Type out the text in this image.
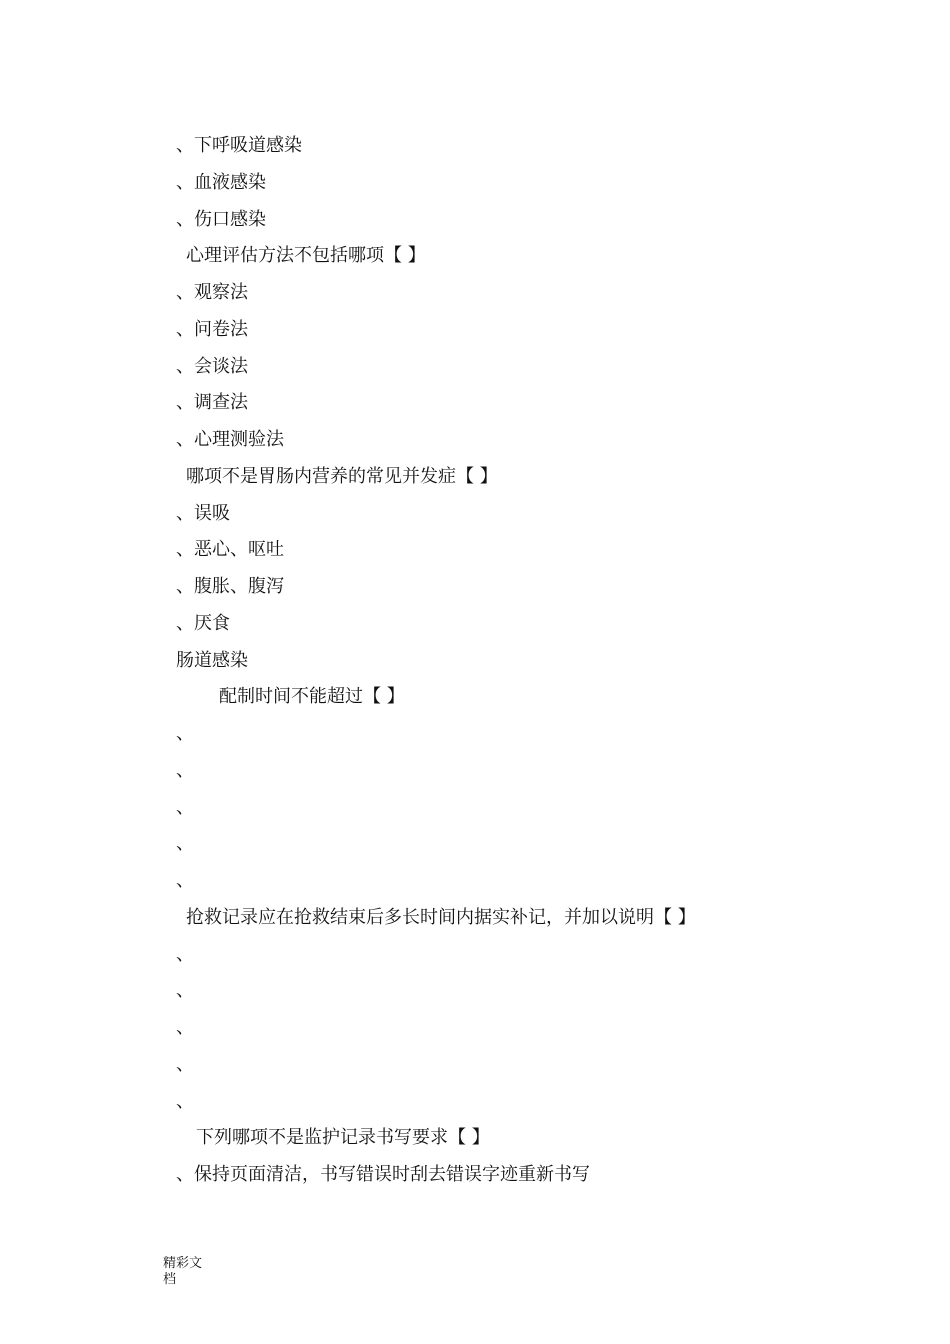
、下呼吸道感染
、血液感染
、伤口感染
心理评估方法不包括哪项【 】
、观察法
、问卷法
、会谈法
、调查法
、心理测验法
哪项不是胃肠内营养的常见并发症【 】
、误吸
、恶心、呕吐
、腹胀、腹泻
、厌食
肠道感染
配制时间不能超过【 】
、
、
、
、
、
抢救记录应在抢救结束后多长时间内据实补记，并加以说明【 】
、
、
、
、
、
下列哪项不是监护记录书写要求【 】
、保持页面清洁，书写错误时刮去错误字迹重新书写
精彩文档
